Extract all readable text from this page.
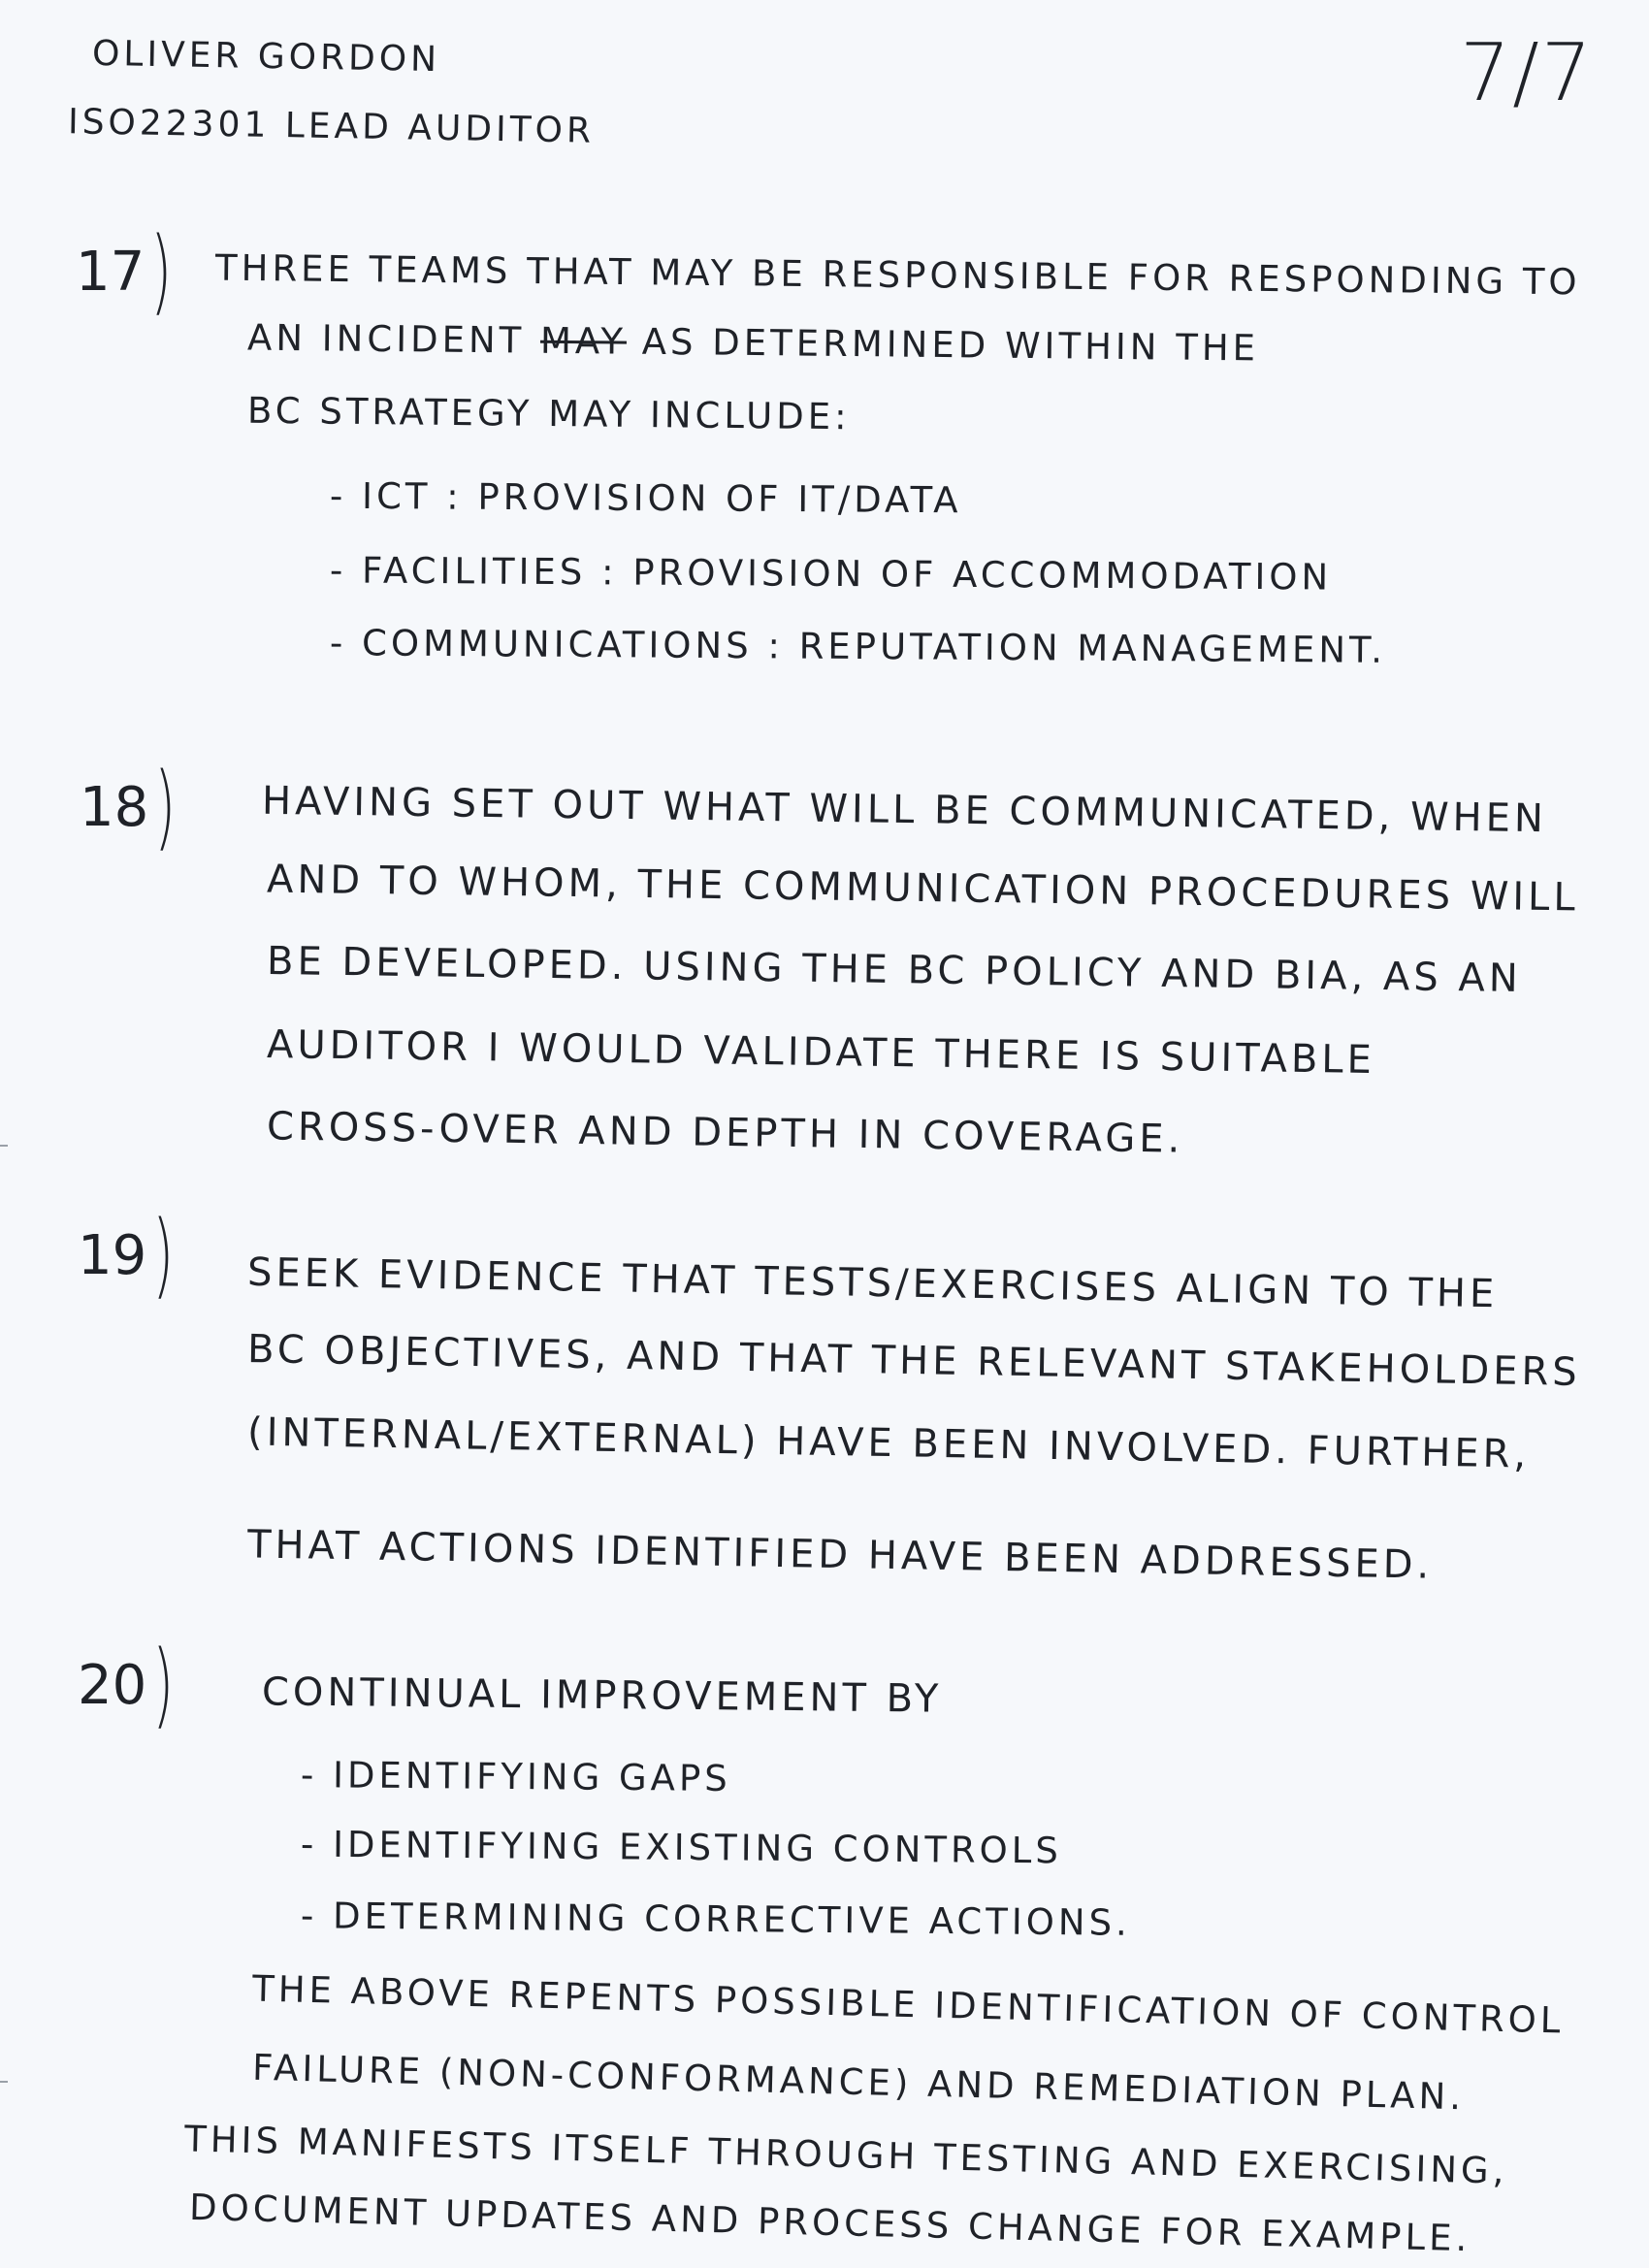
OLIVER GORDON
ISO22301 LEAD AUDITOR
7/7
17 ) THREE TEAMS THAT MAY BE RESPONSIBLE FOR RESPONDING TO
AN INCIDENT MAY AS DETERMINED WITHIN THE
BC STRATEGY MAY INCLUDE:
- ICT : PROVISION OF IT/DATA
- FACILITIES : PROVISION OF ACCOMMODATION
- COMMUNICATIONS : REPUTATION MANAGEMENT.
18 ) HAVING SET OUT WHAT WILL BE COMMUNICATED, WHEN
AND TO WHOM, THE COMMUNICATION PROCEDURES WILL
BE DEVELOPED. USING THE BC POLICY AND BIA, AS AN
AUDITOR I WOULD VALIDATE THERE IS SUITABLE
CROSS-OVER AND DEPTH IN COVERAGE.
19 ) SEEK EVIDENCE THAT TESTS/EXERCISES ALIGN TO THE
BC OBJECTIVES, AND THAT THE RELEVANT STAKEHOLDERS
(INTERNAL/EXTERNAL) HAVE BEEN INVOLVED. FURTHER,
THAT ACTIONS IDENTIFIED HAVE BEEN ADDRESSED.
20 ) CONTINUAL IMPROVEMENT BY
- IDENTIFYING GAPS
- IDENTIFYING EXISTING CONTROLS
- DETERMINING CORRECTIVE ACTIONS.
THE ABOVE REPENTS POSSIBLE IDENTIFICATION OF CONTROL
FAILURE (NON-CONFORMANCE) AND REMEDIATION PLAN.
THIS MANIFESTS ITSELF THROUGH TESTING AND EXERCISING,
DOCUMENT UPDATES AND PROCESS CHANGE FOR EXAMPLE.
